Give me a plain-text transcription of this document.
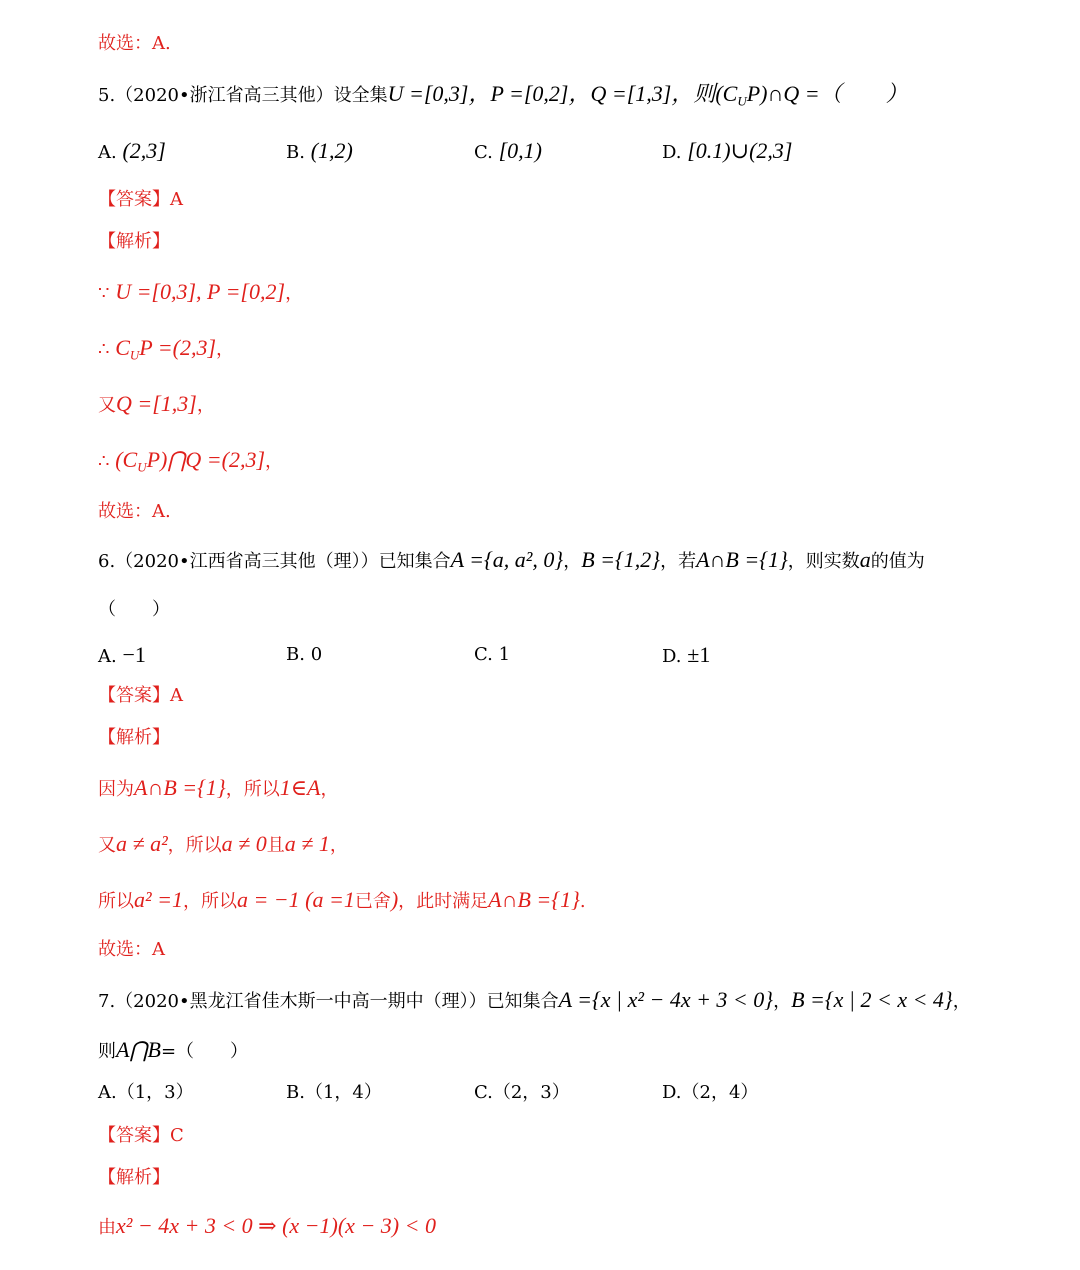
故选：A.
5.（2020•浙江省高三其他）设全集U =[0,3]，P =[0,2]，Q =[1,3]，则$(C_UP)\cap Q$ =（　　）
A. (2,3]	B. (1,2)	C. [0,1)	D. [0.1)∪(2,3]
【答案】A
【解析】
∵ U =[0,3], P =[0,2]，
∴ $C_UP =(2,3]$，
又Q =[1,3]，
∴ $(C_UP)⋂Q =(2,3]$，
故选：A.
6.（2020•江西省高三其他（理））已知集合A ={a, a², 0}，B ={1,2}，若A∩B ={1}，则实数a的值为
（　　）
A. −1	B. 0	C. 1	D. ±1
【答案】A
【解析】
因为A∩B ={1}，所以1∈A，
又a ≠ a²，所以a ≠ 0且a ≠ 1，
所以a² =1，所以a = −1 (a =1已舍)，此时满足A∩B ={1}.
故选：A
7.（2020•黑龙江省佳木斯一中高一期中（理））已知集合A ={x | x² − 4x + 3 < 0}，B ={x | 2 < x < 4}，
则A⋂B=（　　）
A.（1，3）	B.（1，4）	C.（2，3）	D.（2，4）
【答案】C
【解析】
由x² − 4x + 3 < 0 ⇒ (x −1)(x − 3) < 0
